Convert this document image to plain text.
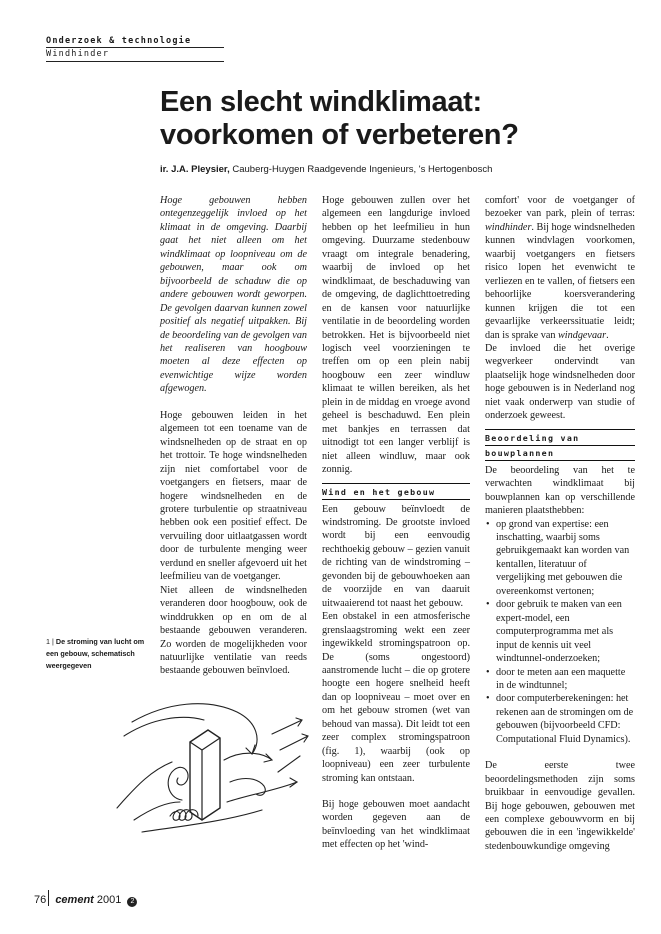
Onderzoek & technologie
Windhinder
Een slecht windklimaat:
voorkomen of verbeteren?
ir. J.A. Pleysier, Cauberg-Huygen Raadgevende Ingenieurs, 's Hertogenbosch

Hoge gebouwen hebben ontegenzeggelijk invloed op het klimaat in de omgeving. Daarbij gaat het niet alleen om het windklimaat op loopniveau om de gebouwen, maar ook om bijvoorbeeld de schaduw die op andere gebouwen wordt geworpen. De gevolgen daarvan kunnen zowel positief als negatief uitpakken. Bij de beoordeling van de gevolgen van het realiseren van hoogbouw moeten al deze effecten op evenwichtige wijze worden afgewogen.

Hoge gebouwen leiden in het algemeen tot een toename van de windsnelheden op de straat en op het trottoir. Te hoge windsnelheden zijn niet comfortabel voor de voetgangers en fietsers, maar de hogere windsnelheden en de grotere turbulentie op straatniveau hebben ook een positief effect. De vervuiling door uitlaatgassen wordt door de turbulente menging weer verdund en sneller afgevoerd uit het leefmilieu van de voetganger.

Niet alleen de windsnelheden veranderen door hoogbouw, ook de winddrukken op en om de al bestaande gebouwen veranderen. Zo worden de mogelijkheden voor natuurlijke ventilatie van reeds bestaande gebouwen beïnvloed.

Hoge gebouwen zullen over het algemeen een langdurige invloed hebben op het leefmilieu in hun omgeving. Duurzame stedenbouw vraagt om integrale benadering, waarbij de invloed op het windklimaat, de beschaduwing van de omgeving, de daglichttoetreding en de kansen voor natuurlijke ventilatie in de beoordeling worden betrokken. Het is bijvoorbeeld niet logisch veel voorzieningen te treffen om op een plein nabij hoogbouw een zeer windluw klimaat te willen bereiken, als het plein in de middag en vroege avond geheel is beschaduwd. Een plein met bankjes en terrassen dat uitnodigt tot een langer verblijf is niet alleen windluw, maar ook zonnig.

Wind en het gebouw

Een gebouw beïnvloedt de windstroming. De grootste invloed wordt bij een eenvoudig rechthoekig gebouw – gezien vanuit de richting van de windstroming – gevonden bij de gebouwhoeken aan de voorzijde en van daaruit uitwaaierend tot naast het gebouw.

Een obstakel in een atmosferische grenslaagstroming wekt een zeer ingewikkeld stromingspatroon op. De (soms ongestoord) aanstromende lucht – die op grotere hoogte een hogere snelheid heeft dan op loopniveau – moet over en om het gebouw stromen (wet van behoud van massa). Dit leidt tot een zeer complex stromingspatroon (fig. 1), waarbij (ook op loopniveau) een zeer turbulente stroming kan ontstaan.

Bij hoge gebouwen moet aandacht worden gegeven aan de beïnvloeding van het windklimaat met effecten op het 'wind-

comfort' voor de voetganger of bezoeker van park, plein of terras: windhinder. Bij hoge windsnelheden kunnen windvlagen voorkomen, waarbij voetgangers en fietsers risico lopen het evenwicht te verliezen en te vallen, of fietsers een behoorlijke koersverandering kunnen krijgen die tot een gevaarlijke verkeerssituatie leidt; dan is sprake van windgevaar.

De invloed die het overige wegverkeer ondervindt van plaatselijk hoge windsnelheden door hoge gebouwen is in Nederland nog niet vaak onderwerp van studie of onderzoek geweest.

Beoordeling van
bouwplannen

De beoordeling van het te verwachten windklimaat bij bouwplannen kan op verschillende manieren plaatsthebben:

• op grond van expertise: een inschatting, waarbij soms gebruikgemaakt kan worden van kentallen, literatuur of vergelijking met gebouwen die overeenkomst vertonen;
• door gebruik te maken van een expert-model, een computerprogramma met als input de kennis uit veel windtunnel-onderzoeken;
• door te meten aan een maquette in de windtunnel;
• door computerberekeningen: het rekenen aan de stromingen om de gebouwen (bijvoorbeeld CFD: Computational Fluid Dynamics).

De eerste twee beoordelingsmethoden zijn soms bruikbaar in eenvoudige gevallen. Bij hoge gebouwen, gebouwen met een complexe gebouwvorm en bij gebouwen die in een 'ingewikkelde' stedenbouwkundige omgeving

1 | De stroming van lucht om een gebouw, schematisch weergegeven
76 cement 2001 2
